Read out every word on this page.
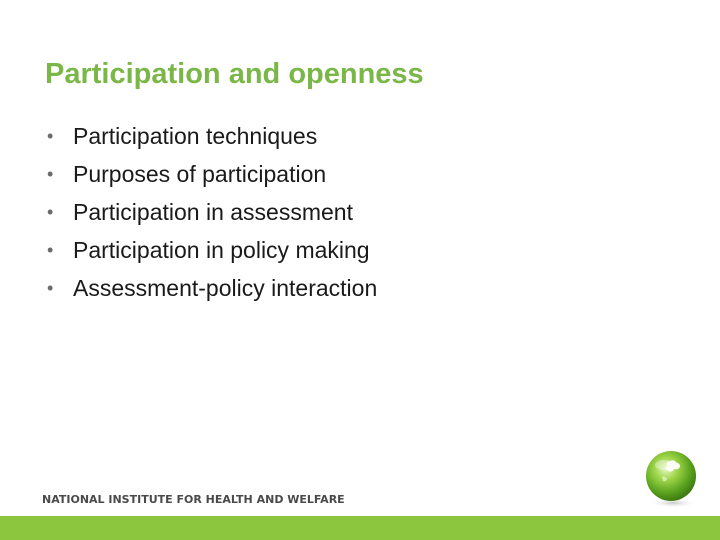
Participation and openness
• Participation techniques
• Purposes of participation
• Participation in assessment
• Participation in policy making
• Assessment-policy interaction
NATIONAL INSTITUTE FOR HEALTH AND WELFARE
